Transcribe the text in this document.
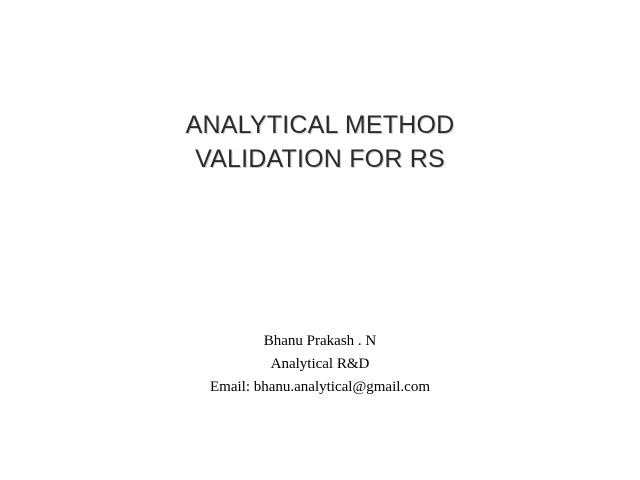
ANALYTICAL METHOD
VALIDATION FOR RS
Bhanu Prakash . N
Analytical R&D
Email: bhanu.analytical@gmail.com
